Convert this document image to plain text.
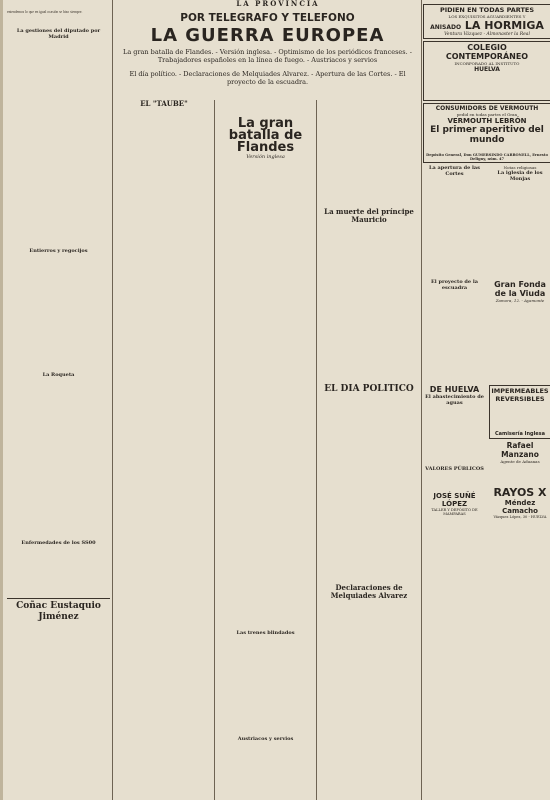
LA PROVINCIA
entendemos lo que en igual ocasión se hizo siempre.
La gestiones del diputado por Madrid
Entierros y regocijos
La Roqueta
Enfermedades de los SS00
Coñac Eustaquio Jiménez
POR TELEGRAFO Y TELEFONO
LA GUERRA EUROPEA
La gran batalla de Flandes. - Versión inglesa. - Optimismo de los periódicos franceses. - Trabajadores españoles en la línea de fuego. - Austriacos y servios
El día político. - Declaraciones de Melquiades Alvarez. - Apertura de las Cortes. - El proyecto de la escuadra.
EL "TAUBE"
La gran batalla de Flandes
Versión inglesa
Las trenes blindados
Austriacos y servios
La muerte del príncipe Mauricio
EL DIA POLITICO
Declaraciones de Melquiades Alvarez
PIDIEN EN TODAS PARTES
LOS EXQUISITOS AGUARDIENTES Y
ANISADO LA HORMIGA
Ventura Vázquez - Almonaster la Real
COLEGIO CONTEMPORÁNEO
INCORPORADO AL INSTITUTO
HUELVA
CONSUMIDORS DE VERMOUTH
pedid en todas partes el Gran
VERMOUTH LEBRÓN
El primer aperitivo del mundo
Depósito General, Don GUMERSINDO CARBONELL, Ernesto Deligny, núm. 47
La apertura de las Cortes
El proyecto de la escuadra
Notas religiosas
La iglesia de los Monjas
Gran Fonda de la Viuda
Zamora, 12. - Ayamonte
DE HUELVA
El abastecimiento de aguas
VALORES PÚBLICOS
JOSÉ SUÑÉ LÓPEZ
TALLER Y DEPÓSITO DE MAMPARAS
IMPERMEABLES REVERSIBLES
Camisería Inglesa
Rafael Manzano
Agente de Aduanas
RAYOS X
Méndez Camacho
Vázquez López, 30 - HUELVA
